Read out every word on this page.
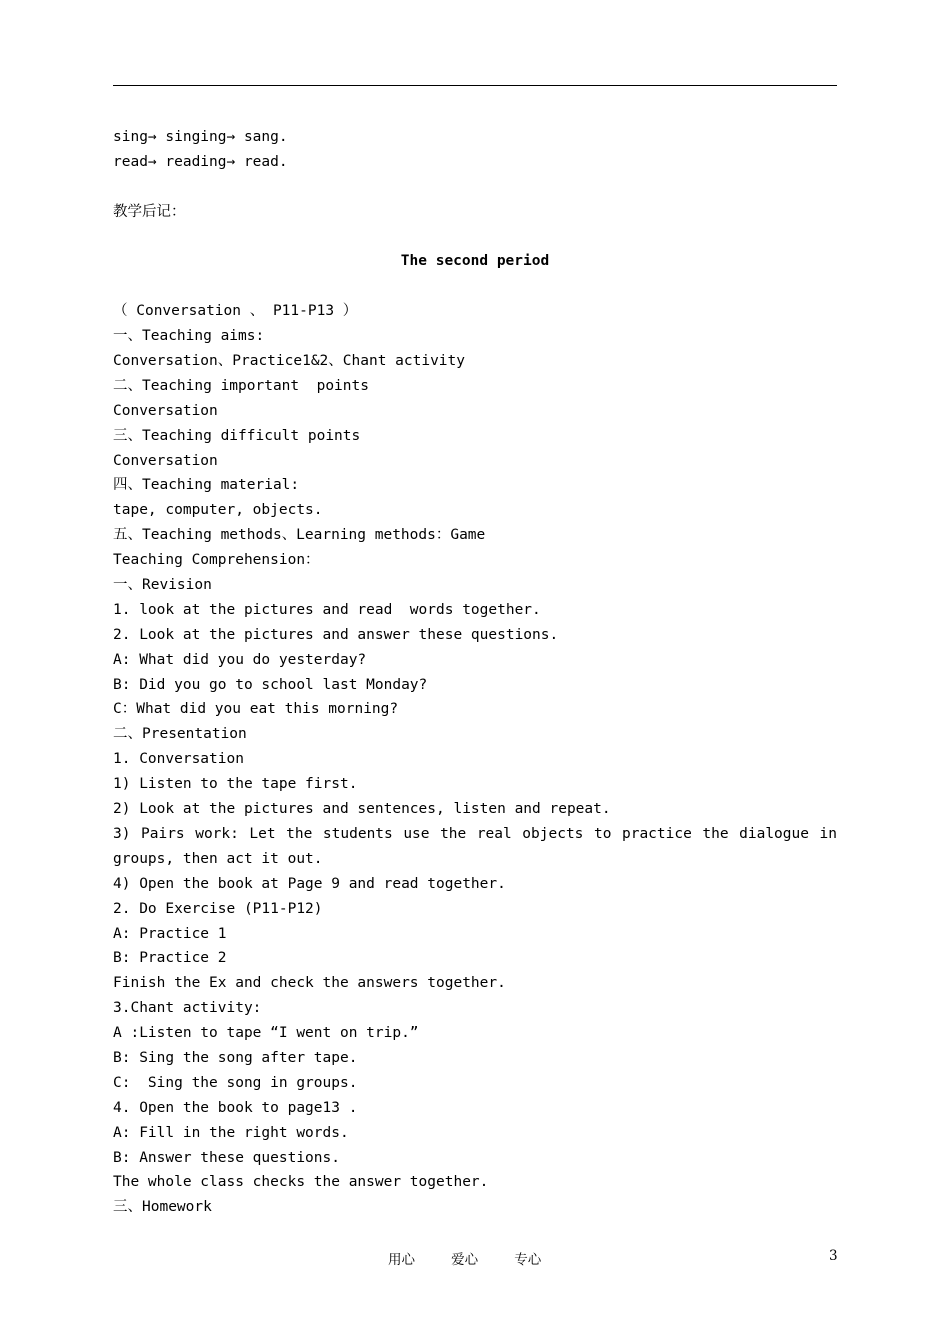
sing→ singing→ sang.
read→ reading→ read.
教学后记：
The second period
（ Conversation 、 P11-P13 ）
一、Teaching aims:
Conversation、Practice1&2、Chant activity
二、Teaching important  points
Conversation
三、Teaching difficult points
Conversation
四、Teaching material:
tape, computer, objects.
五、Teaching methods、Learning methods：Game
Teaching Comprehension：
一、Revision
1. look at the pictures and read  words together.
2. Look at the pictures and answer these questions.
A: What did you do yesterday?
B: Did you go to school last Monday?
C：What did you eat this morning?
二、Presentation
1. Conversation
1) Listen to the tape first.
2) Look at the pictures and sentences, listen and repeat.
3) Pairs work: Let the students use the real objects to practice the dialogue in groups, then act it out.
4) Open the book at Page 9 and read together.
2. Do Exercise (P11-P12)
A: Practice 1
B: Practice 2
Finish the Ex and check the answers together.
3.Chant activity:
A :Listen to tape “I went on trip.”
B: Sing the song after tape.
C:  Sing the song in groups.
4. Open the book to page13 .
A: Fill in the right words.
B: Answer these questions.
The whole class checks the answer together.
三、Homework
用心 爱心 专心	3
